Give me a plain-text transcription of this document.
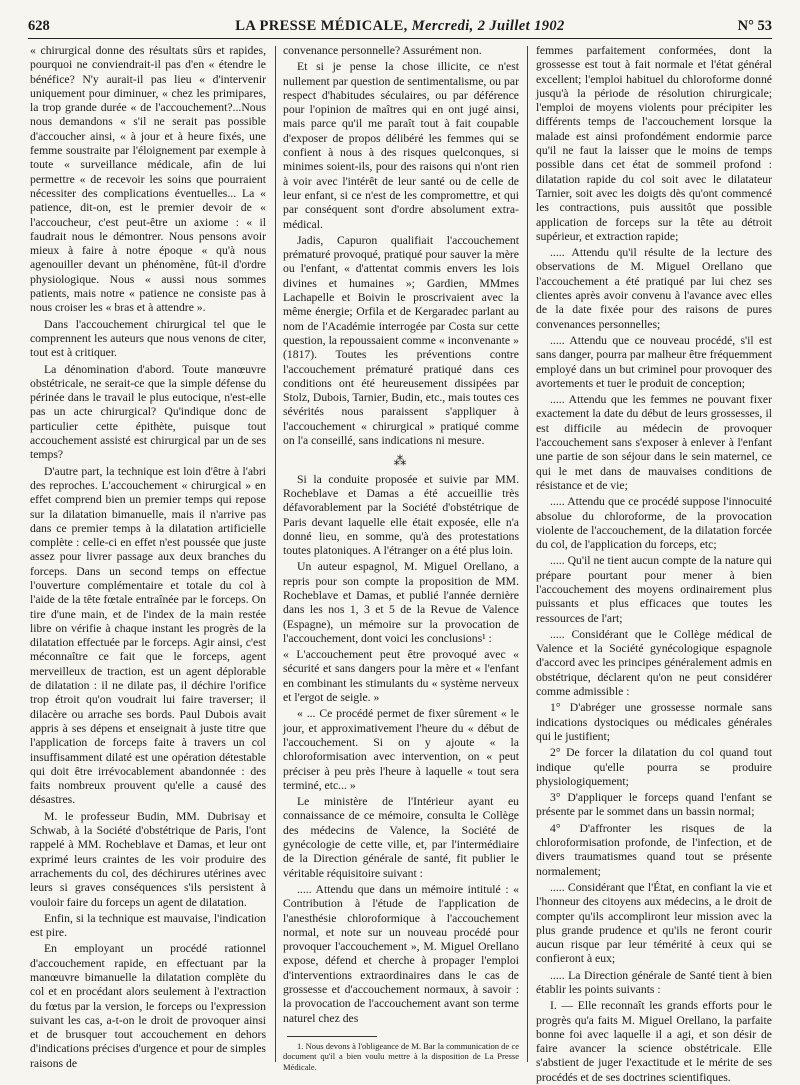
628	LA PRESSE MÉDICALE, Mercredi, 2 Juillet 1902	N° 53

« chirurgical donne des résultats sûrs et rapides, pourquoi ne conviendrait-il pas d'en « étendre le bénéfice? N'y aurait-il pas lieu « d'intervenir uniquement pour diminuer, « chez les primipares, la trop grande durée « de l'accouchement?...Nous nous demandons « s'il ne serait pas possible d'accoucher ainsi, « à jour et à heure fixés, une femme soustraite par l'éloignement par exemple à toute « surveillance médicale, afin de lui permettre « de recevoir les soins que pourraient nécessiter des complications éventuelles... La « patience, dit-on, est le premier devoir de « l'accoucheur, c'est peut-être un axiome : « il faudrait nous le démontrer. Nous pensons avoir mieux à faire à notre époque « qu'à nous agenouiller devant un phénomène, fût-il d'ordre physiologique. Nous « aussi nous sommes patients, mais notre « patience ne consiste pas à nous croiser les « bras et à attendre ».

Dans l'accouchement chirurgical tel que le comprennent les auteurs que nous venons de citer, tout est à critiquer.

La dénomination d'abord. Toute manœuvre obstétricale, ne serait-ce que la simple défense du périnée dans le travail le plus eutocique, n'est-elle pas un acte chirurgical? Qu'indique donc de particulier cette épithète, puisque tout accouchement assisté est chirurgical par un de ses temps?

D'autre part, la technique est loin d'être à l'abri des reproches. L'accouchement « chirurgical » en effet comprend bien un premier temps qui repose sur la dilatation bimanuelle, mais il n'arrive pas dans ce premier temps à la dilatation artificielle complète : celle-ci en effet n'est poussée que juste assez pour livrer passage aux deux branches du forceps. Dans un second temps on effectue l'ouverture complémentaire et totale du col à l'aide de la tête fœtale entraînée par le forceps. On tire d'une main, et de l'index de la main restée libre on vérifie à chaque instant les progrès de la dilatation effectuée par le forceps. Agir ainsi, c'est méconnaître ce fait que le forceps, agent merveilleux de traction, est un agent déplorable de dilatation : il ne dilate pas, il déchire l'orifice trop étroit qu'on voudrait lui faire traverser; il dilacère ou arrache ses bords. Paul Dubois avait appris à ses dépens et enseignait à juste titre que l'application de forceps faite à travers un col insuffisamment dilaté est une opération détestable qui doit être irrévocablement abandonnée : des faits nombreux prouvent qu'elle a causé des désastres.

M. le professeur Budin, MM. Dubrisay et Schwab, à la Société d'obstétrique de Paris, l'ont rappelé à MM. Rocheblave et Damas, et leur ont exprimé leurs craintes de les voir produire des arrachements du col, des déchirures utérines avec leurs si graves conséquences s'ils persistent à vouloir faire du forceps un agent de dilatation.

Enfin, si la technique est mauvaise, l'indication est pire.

En employant un procédé rationnel d'accouchement rapide, en effectuant par la manœuvre bimanuelle la dilatation complète du col et en procédant alors seulement à l'extraction du fœtus par la version, le forceps ou l'expression suivant les cas, a-t-on le droit de provoquer ainsi et de brusquer tout accouchement en dehors d'indications précises d'urgence et pour de simples raisons de

convenance personnelle? Assurément non.

Et si je pense la chose illicite, ce n'est nullement par question de sentimentalisme, ou par respect d'habitudes séculaires, ou par déférence pour l'opinion de maîtres qui en ont jugé ainsi, mais parce qu'il me paraît tout à fait coupable d'exposer de propos délibéré les femmes qui se confient à nous à des risques quelconques, si minimes soient-ils, pour des raisons qui n'ont rien à voir avec l'intérêt de leur santé ou de celle de leur enfant, si ce n'est de les compromettre, et qui par conséquent sont d'ordre absolument extra-médical.

Jadis, Capuron qualifiait l'accouchement prématuré provoqué, pratiqué pour sauver la mère ou l'enfant, « d'attentat commis envers les lois divines et humaines »; Gardien, MMmes Lachapelle et Boivin le proscrivaient avec la même énergie; Orfila et de Kergaradec parlant au nom de l'Académie interrogée par Costa sur cette question, la repoussaient comme « inconvenante » (1817). Toutes les préventions contre l'accouchement prématuré pratiqué dans ces conditions ont été heureusement dissipées par Stolz, Dubois, Tarnier, Budin, etc., mais toutes ces sévérités nous paraissent s'appliquer à l'accouchement « chirurgical » pratiqué comme on l'a conseillé, sans indications ni mesure.

⁂

Si la conduite proposée et suivie par MM. Rocheblave et Damas a été accueillie très défavorablement par la Société d'obstétrique de Paris devant laquelle elle était exposée, elle n'a donné lieu, en somme, qu'à des protestations toutes platoniques. A l'étranger on a été plus loin.

Un auteur espagnol, M. Miguel Orellano, a repris pour son compte la proposition de MM. Rocheblave et Damas, et publié l'année dernière dans les nos 1, 3 et 5 de la Revue de Valence (Espagne), un mémoire sur la provocation de l'accouchement, dont voici les conclusions¹ :

« L'accouchement peut être provoqué avec « sécurité et sans dangers pour la mère et « l'enfant en combinant les stimulants du « système nerveux et l'ergot de seigle. »

« ... Ce procédé permet de fixer sûrement « le jour, et approximativement l'heure du « début de l'accouchement. Si on y ajoute « la chloroformisation avec intervention, on « peut préciser à peu près l'heure à laquelle « tout sera terminé, etc... »

Le ministère de l'Intérieur ayant eu connaissance de ce mémoire, consulta le Collège des médecins de Valence, la Société de gynécologie de cette ville, et, par l'intermédiaire de la Direction générale de santé, fit publier le véritable réquisitoire suivant :

..... Attendu que dans un mémoire intitulé : « Contribution à l'étude de l'application de l'anesthésie chloroformique à l'accouchement normal, et note sur un nouveau procédé pour provoquer l'accouchement », M. Miguel Orellano expose, défend et cherche à propager l'emploi d'interventions extraordinaires dans le cas de grossesse et d'accouchement normaux, à savoir : la provocation de l'accouchement avant son terme naturel chez des

1. Nous devons à l'obligeance de M. Bar la communication de ce document qu'il a bien voulu mettre à la disposition de La Presse Médicale.

femmes parfaitement conformées, dont la grossesse est tout à fait normale et l'état général excellent; l'emploi habituel du chloroforme donné jusqu'à la période de résolution chirurgicale; l'emploi de moyens violents pour précipiter les différents temps de l'accouchement lorsque la malade est ainsi profondément endormie parce qu'il ne faut la laisser que le moins de temps possible dans cet état de sommeil profond : dilatation rapide du col soit avec le dilatateur Tarnier, soit avec les doigts dès qu'ont commencé les contractions, puis aussitôt que possible application de forceps sur la tête au détroit supérieur, et extraction rapide;

..... Attendu qu'il résulte de la lecture des observations de M. Miguel Orellano que l'accouchement a été pratiqué par lui chez ses clientes après avoir convenu à l'avance avec elles de la date fixée pour des raisons de pures convenances personnelles;

..... Attendu que ce nouveau procédé, s'il est sans danger, pourra par malheur être fréquemment employé dans un but criminel pour provoquer des avortements et tuer le produit de conception;

..... Attendu que les femmes ne pouvant fixer exactement la date du début de leurs grossesses, il est difficile au médecin de provoquer l'accouchement sans s'exposer à enlever à l'enfant une partie de son séjour dans le sein maternel, ce qui le met dans de mauvaises conditions de résistance et de vie;

..... Attendu que ce procédé suppose l'innocuité absolue du chloroforme, de la provocation violente de l'accouchement, de la dilatation forcée du col, de l'application du forceps, etc;

..... Qu'il ne tient aucun compte de la nature qui prépare pourtant pour mener à bien l'accouchement des moyens ordinairement plus puissants et plus efficaces que toutes les ressources de l'art;

..... Considérant que le Collège médical de Valence et la Société gynécologique espagnole d'accord avec les principes généralement admis en obstétrique, déclarent qu'on ne peut considérer comme admissible :

1° D'abréger une grossesse normale sans indications dystociques ou médicales générales qui le justifient;

2° De forcer la dilatation du col quand tout indique qu'elle pourra se produire physiologiquement;

3° D'appliquer le forceps quand l'enfant se présente par le sommet dans un bassin normal;

4° D'affronter les risques de la chloroformisation profonde, de l'infection, et de divers traumatismes quand tout se présente normalement;

..... Considérant que l'État, en confiant la vie et l'honneur des citoyens aux médecins, a le droit de compter qu'ils accompliront leur mission avec la plus grande prudence et qu'ils ne feront courir aucun risque par leur témérité à ceux qui se confieront à eux;

..... La Direction générale de Santé tient à bien établir les points suivants :

I. — Elle reconnaît les grands efforts pour le progrès qu'a faits M. Miguel Orellano, la parfaite bonne foi avec laquelle il a agi, et son désir de faire avancer la science obstétricale. Elle s'abstient de juger l'exactitude et le mérite de ses procédés et de ses doctrines scientifiques.
